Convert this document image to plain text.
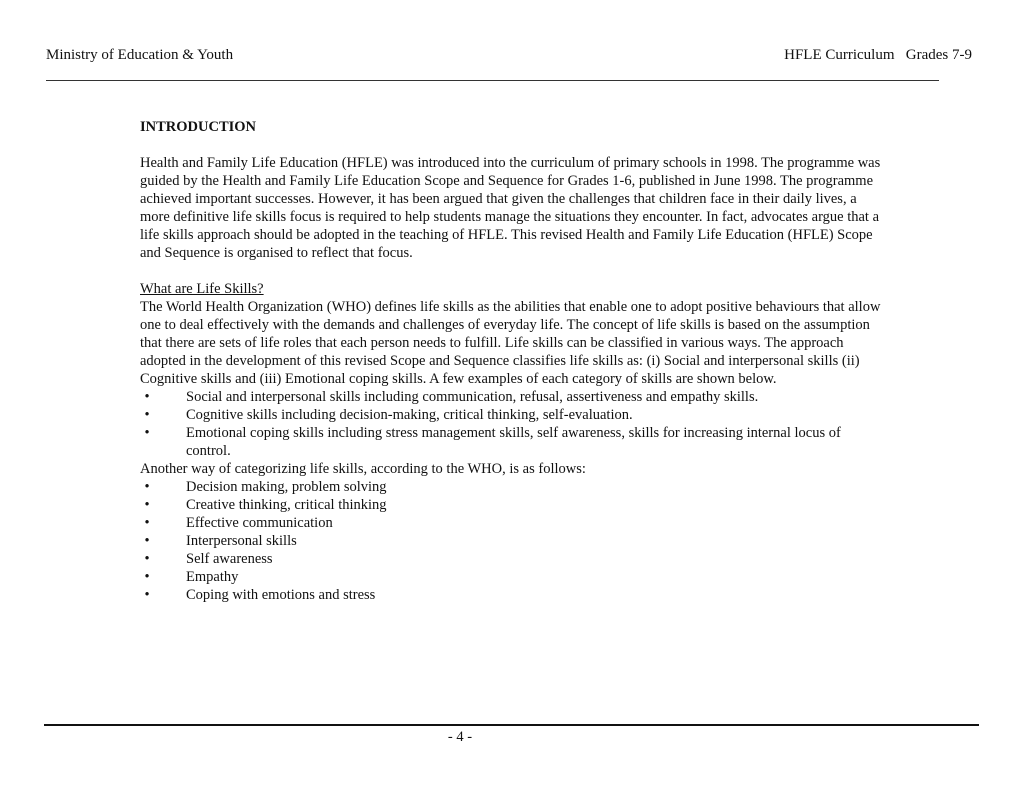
Ministry of Education & Youth	HFLE Curriculum   Grades 7-9
INTRODUCTION

Health and Family Life Education (HFLE) was introduced into the curriculum of primary schools in 1998. The programme was guided by the Health and Family Life Education Scope and Sequence for Grades 1-6, published in June 1998. The programme achieved important successes. However, it has been argued that given the challenges that children face in their daily lives, a more definitive life skills focus is required to help students manage the situations they encounter. In fact, advocates argue that a life skills approach should be adopted in the teaching of HFLE. This revised Health and Family Life Education (HFLE) Scope and Sequence is organised to reflect that focus.

What are Life Skills?

The World Health Organization (WHO) defines life skills as the abilities that enable one to adopt positive behaviours that allow one to deal effectively with the demands and challenges of everyday life. The concept of life skills is based on the assumption that there are sets of life roles that each person needs to fulfill. Life skills can be classified in various ways. The approach adopted in the development of this revised Scope and Sequence classifies life skills as: (i) Social and interpersonal skills (ii) Cognitive skills and (iii) Emotional coping skills. A few examples of each category of skills are shown below.

•	Social and interpersonal skills including communication, refusal, assertiveness and empathy skills.
•	Cognitive skills including decision-making, critical thinking, self-evaluation.
•	Emotional coping skills including stress management skills, self awareness, skills for increasing internal locus of control.

Another way of categorizing life skills, according to the WHO, is as follows:

•	Decision making, problem solving
•	Creative thinking, critical thinking
•	Effective communication
•	Interpersonal skills
•	Self awareness
•	Empathy
•	Coping with emotions and stress
- 4 -
